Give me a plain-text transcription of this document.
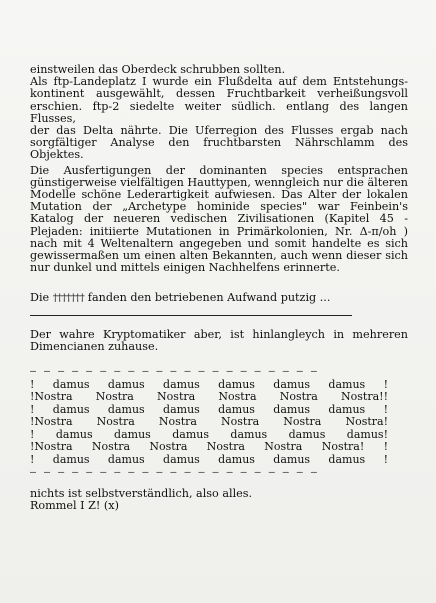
einstweilen das Oberdeck schrubben sollten.
Als ftp-Landeplatz I wurde ein Flußdelta auf dem Entstehungs-
kontinent ausgewählt, dessen Fruchtbarkeit verheißungsvoll
erschien. ftp-2 siedelte weiter südlich. entlang des langen Flusses,
der das Delta nährte. Die Uferregion des Flusses ergab nach
sorgfältiger Analyse den fruchtbarsten Nährschlamm des
Objektes.

Die Ausfertigungen der dominanten species entsprachen
günstigerweise vielfältigen Hauttypen, wenngleich nur die älteren
Modelle schöne Lederartigkeit aufwiesen. Das Alter der lokalen
Mutation der „Archetype hominide species" war Feinbein's
Katalog der neueren vedischen Zivilisationen (Kapitel 45 -
Plejaden: initiierte Mutationen in Primärkolonien, Nr. Δ-π/oh )
nach mit 4 Weltenaltern angegeben und somit handelte es sich
gewissermaßen um einen alten Bekannten, auch wenn dieser sich
nur dunkel und mittels einigen Nachhelfens erinnerte.

Die ††††††† fanden den betriebenen Aufwand putzig ...

Der wahre Kryptοmatiker aber, ist hinlangleych in mehreren
Dimencianen zuhause.

— — — — — — — — — — — — — — — — — — — — —
! damus damus damus damus damus damus !
!Nostra Nostra Nostra Nostra Nostra Nostra!!
! damus damus damus damus damus damus !
!Nostra Nostra Nostra Nostra Nostra Nostra!
! damus damus damus damus damus damus!
!Nostra Nostra Nostra Nostra Nostra Nostra! !
! damus damus damus damus damus damus !
— — — — — — — — — — — — — — — — — — — — —

nichts ist selbstverständlich, also alles.
Rommel I Z! (x)
